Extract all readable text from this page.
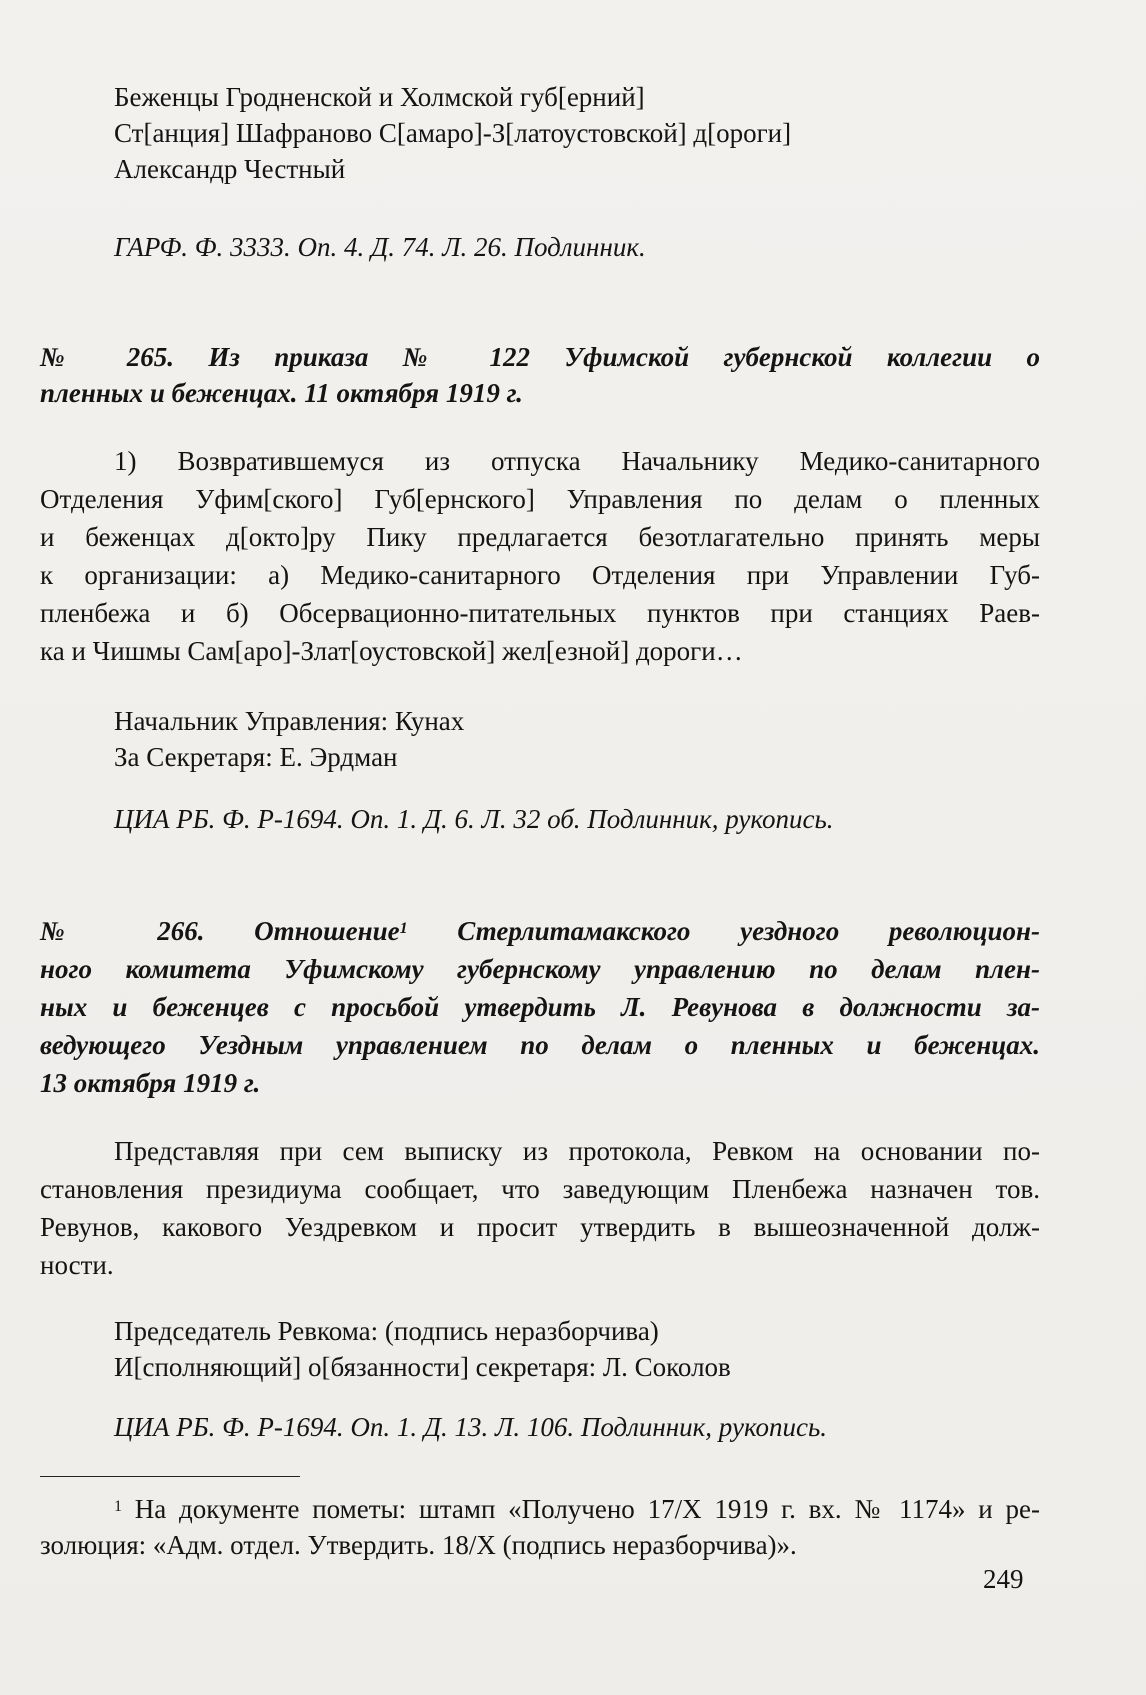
Беженцы Гродненской и Холмской губ[ерний]
Ст[анция] Шафраново С[амаро]-З[латоустовской] д[ороги]
Александр Честный
ГАРФ. Ф. 3333. Оп. 4. Д. 74. Л. 26. Подлинник.
№ 265. Из приказа № 122 Уфимской губернской коллегии о
пленных и беженцах. 11 октября 1919 г.
1) Возвратившемуся из отпуска Начальнику Медико-санитарного
Отделения Уфим[ского] Губ[ернского] Управления по делам о пленных
и беженцах д[окто]ру Пику предлагается безотлагательно принять меры
к организации: а) Медико-санитарного Отделения при Управлении Губ-
пленбежа и б) Обсервационно-питательных пунктов при станциях Раев-
ка и Чишмы Сам[аро]-Злат[оустовской] жел[езной] дороги…
Начальник Управления: Кунах
За Секретаря: Е. Эрдман
ЦИА РБ. Ф. Р-1694. Оп. 1. Д. 6. Л. 32 об. Подлинник, рукопись.
№ 266. Отношение$^1$ Стерлитамакского уездного революцион-
ного комитета Уфимскому губернскому управлению по делам плен-
ных и беженцев с просьбой утвердить Л. Ревунова в должности за-
ведующего Уездным управлением по делам о пленных и беженцах.
13 октября 1919 г.
Представляя при сем выписку из протокола, Ревком на основании по-
становления президиума сообщает, что заведующим Пленбежа назначен тов.
Ревунов, какового Уездревком и просит утвердить в вышеозначенной долж-
ности.
Председатель Ревкома: (подпись неразборчива)
И[сполняющий] о[бязанности] секретаря: Л. Соколов
ЦИА РБ. Ф. Р-1694. Оп. 1. Д. 13. Л. 106. Подлинник, рукопись.
$^1$ На документе пометы: штамп «Получено 17/X 1919 г. вх. № 1174» и ре-
золюция: «Адм. отдел. Утвердить. 18/X (подпись неразборчива)».
249
